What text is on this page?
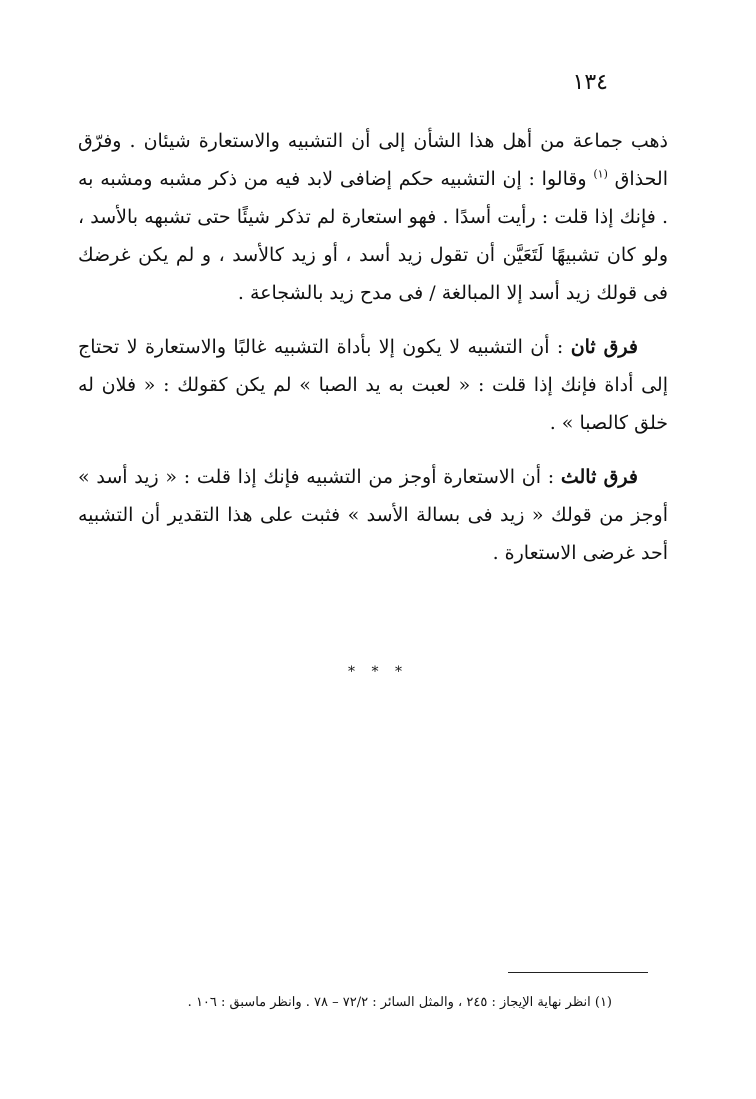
١٣٤

ذهب جماعة من أهل هذا الشأن إلى أن التشبيه والاستعارة شيئان . وفرّق الحذاق $^{(١)}$ وقالوا : إن التشبيه حكم إضافى لابد فيه من ذكر مشبه ومشبه به . فإنك إذا قلت : رأيت أسدًا . فهو استعارة لم تذكر شيئًا حتى تشبهه بالأسد ، ولو كان تشبيهًا لَتَعَيَّن أن تقول زيد أسد ، أو زيد كالأسد ، و لم يكن غرضك فى قولك زيد أسد إلا المبالغة / فى مدح زيد بالشجاعة .

فرق ثان : أن التشبيه لا يكون إلا بأداة التشبيه غالبًا والاستعارة لا تحتاج إلى أداة فإنك إذا قلت : « لعبت به يد الصبا » لم يكن كقولك : « فلان له خلق كالصبا » .

فرق ثالث : أن الاستعارة أوجز من التشبيه فإنك إذا قلت : « زيد أسد » أوجز من قولك « زيد فى بسالة الأسد » فثبت على هذا التقدير أن التشبيه أحد غرضى الاستعارة .

* * *
(١) انظر نهاية الإيجاز : ٢٤٥ ، والمثل السائر : ٧٢/٢ – ٧٨ . وانظر ماسبق : ١٠٦ .
